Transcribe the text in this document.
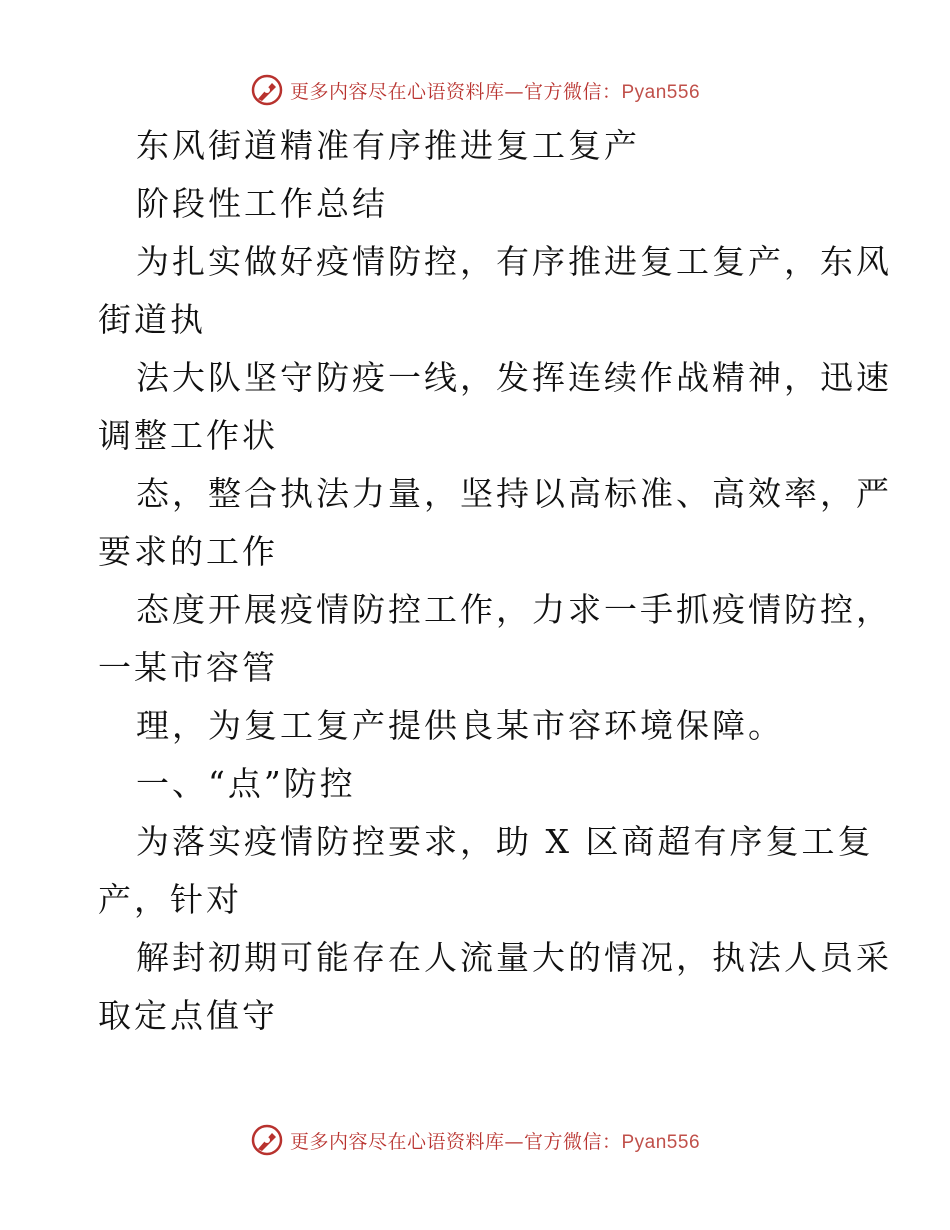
更多内容尽在心语资料库—官方微信：Pyan556
东风街道精准有序推进复工复产
阶段性工作总结
为扎实做好疫情防控，有序推进复工复产，东风
街道执
法大队坚守防疫一线，发挥连续作战精神，迅速
调整工作状
态，整合执法力量，坚持以高标准、高效率，严
要求的工作
态度开展疫情防控工作，力求一手抓疫情防控，
一某市容管
理，为复工复产提供良某市容环境保障。
一、“点”防控
为落实疫情防控要求，助 X 区商超有序复工复
产，针对
解封初期可能存在人流量大的情况，执法人员采
取定点值守
更多内容尽在心语资料库—官方微信：Pyan556
